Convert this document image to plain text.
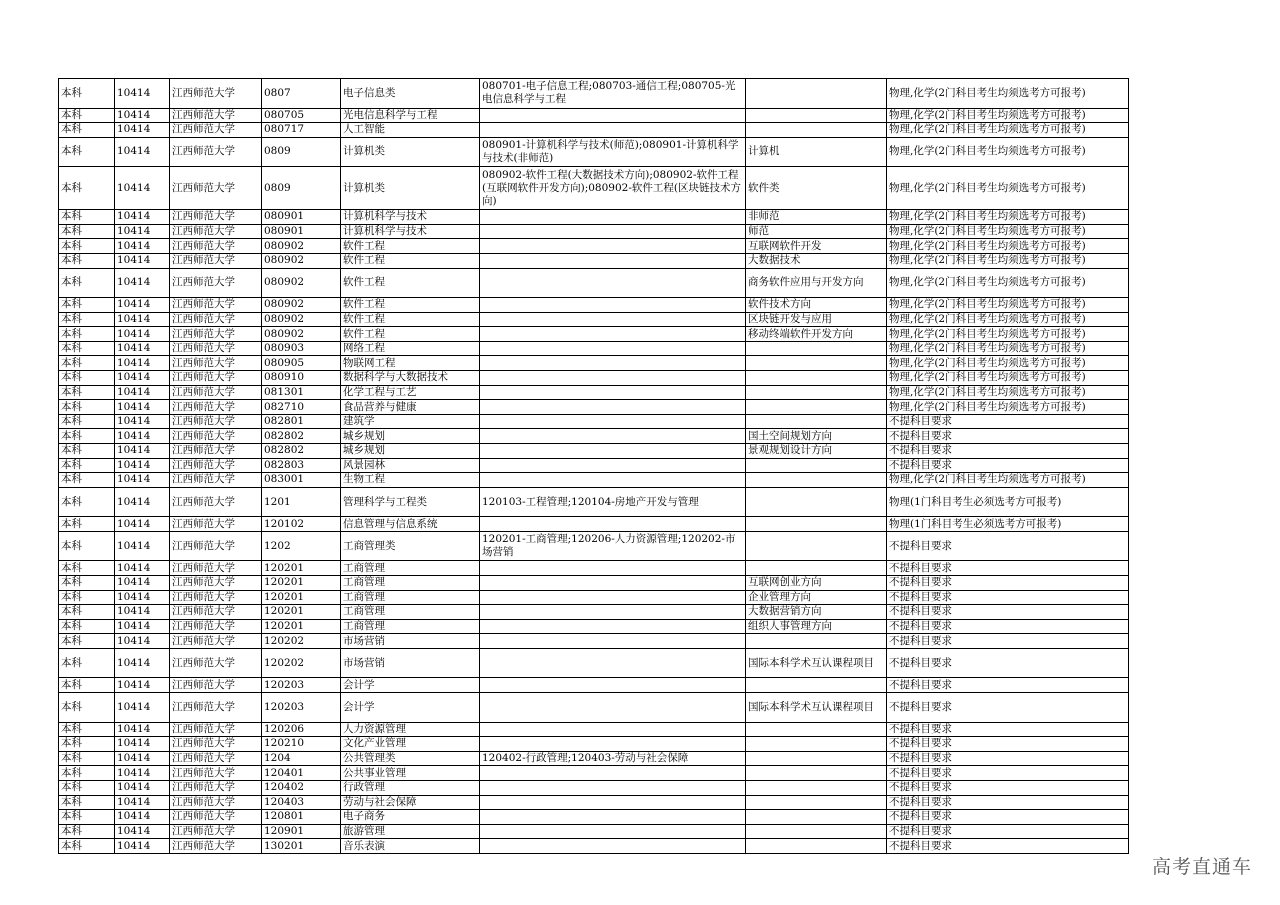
本科	10414	江西师范大学	0807	电子信息类	080701-电子信息工程;080703-通信工程;080705-光电信息科学与工程		物理,化学(2门科目考生均须选考方可报考)
本科	10414	江西师范大学	080705	光电信息科学与工程			物理,化学(2门科目考生均须选考方可报考)
本科	10414	江西师范大学	080717	人工智能			物理,化学(2门科目考生均须选考方可报考)
本科	10414	江西师范大学	0809	计算机类	080901-计算机科学与技术(师范);080901-计算机科学与技术(非师范)	计算机	物理,化学(2门科目考生均须选考方可报考)
本科	10414	江西师范大学	0809	计算机类	080902-软件工程(大数据技术方向);080902-软件工程(互联网软件开发方向);080902-软件工程(区块链技术方向)	软件类	物理,化学(2门科目考生均须选考方可报考)
本科	10414	江西师范大学	080901	计算机科学与技术		非师范	物理,化学(2门科目考生均须选考方可报考)
本科	10414	江西师范大学	080901	计算机科学与技术		师范	物理,化学(2门科目考生均须选考方可报考)
本科	10414	江西师范大学	080902	软件工程		互联网软件开发	物理,化学(2门科目考生均须选考方可报考)
本科	10414	江西师范大学	080902	软件工程		大数据技术	物理,化学(2门科目考生均须选考方可报考)
本科	10414	江西师范大学	080902	软件工程		商务软件应用与开发方向	物理,化学(2门科目考生均须选考方可报考)
本科	10414	江西师范大学	080902	软件工程		软件技术方向	物理,化学(2门科目考生均须选考方可报考)
本科	10414	江西师范大学	080902	软件工程		区块链开发与应用	物理,化学(2门科目考生均须选考方可报考)
本科	10414	江西师范大学	080902	软件工程		移动终端软件开发方向	物理,化学(2门科目考生均须选考方可报考)
本科	10414	江西师范大学	080903	网络工程			物理,化学(2门科目考生均须选考方可报考)
本科	10414	江西师范大学	080905	物联网工程			物理,化学(2门科目考生均须选考方可报考)
本科	10414	江西师范大学	080910	数据科学与大数据技术			物理,化学(2门科目考生均须选考方可报考)
本科	10414	江西师范大学	081301	化学工程与工艺			物理,化学(2门科目考生均须选考方可报考)
本科	10414	江西师范大学	082710	食品营养与健康			物理,化学(2门科目考生均须选考方可报考)
本科	10414	江西师范大学	082801	建筑学			不提科目要求
本科	10414	江西师范大学	082802	城乡规划		国土空间规划方向	不提科目要求
本科	10414	江西师范大学	082802	城乡规划		景观规划设计方向	不提科目要求
本科	10414	江西师范大学	082803	风景园林			不提科目要求
本科	10414	江西师范大学	083001	生物工程			物理,化学(2门科目考生均须选考方可报考)
本科	10414	江西师范大学	1201	管理科学与工程类	120103-工程管理;120104-房地产开发与管理		物理(1门科目考生必须选考方可报考)
本科	10414	江西师范大学	120102	信息管理与信息系统			物理(1门科目考生必须选考方可报考)
本科	10414	江西师范大学	1202	工商管理类	120201-工商管理;120206-人力资源管理;120202-市场营销		不提科目要求
本科	10414	江西师范大学	120201	工商管理			不提科目要求
本科	10414	江西师范大学	120201	工商管理		互联网创业方向	不提科目要求
本科	10414	江西师范大学	120201	工商管理		企业管理方向	不提科目要求
本科	10414	江西师范大学	120201	工商管理		大数据营销方向	不提科目要求
本科	10414	江西师范大学	120201	工商管理		组织人事管理方向	不提科目要求
本科	10414	江西师范大学	120202	市场营销			不提科目要求
本科	10414	江西师范大学	120202	市场营销		国际本科学术互认课程项目	不提科目要求
本科	10414	江西师范大学	120203	会计学			不提科目要求
本科	10414	江西师范大学	120203	会计学		国际本科学术互认课程项目	不提科目要求
本科	10414	江西师范大学	120206	人力资源管理			不提科目要求
本科	10414	江西师范大学	120210	文化产业管理			不提科目要求
本科	10414	江西师范大学	1204	公共管理类	120402-行政管理;120403-劳动与社会保障		不提科目要求
本科	10414	江西师范大学	120401	公共事业管理			不提科目要求
本科	10414	江西师范大学	120402	行政管理			不提科目要求
本科	10414	江西师范大学	120403	劳动与社会保障			不提科目要求
本科	10414	江西师范大学	120801	电子商务			不提科目要求
本科	10414	江西师范大学	120901	旅游管理			不提科目要求
本科	10414	江西师范大学	130201	音乐表演			不提科目要求
高考直通车
